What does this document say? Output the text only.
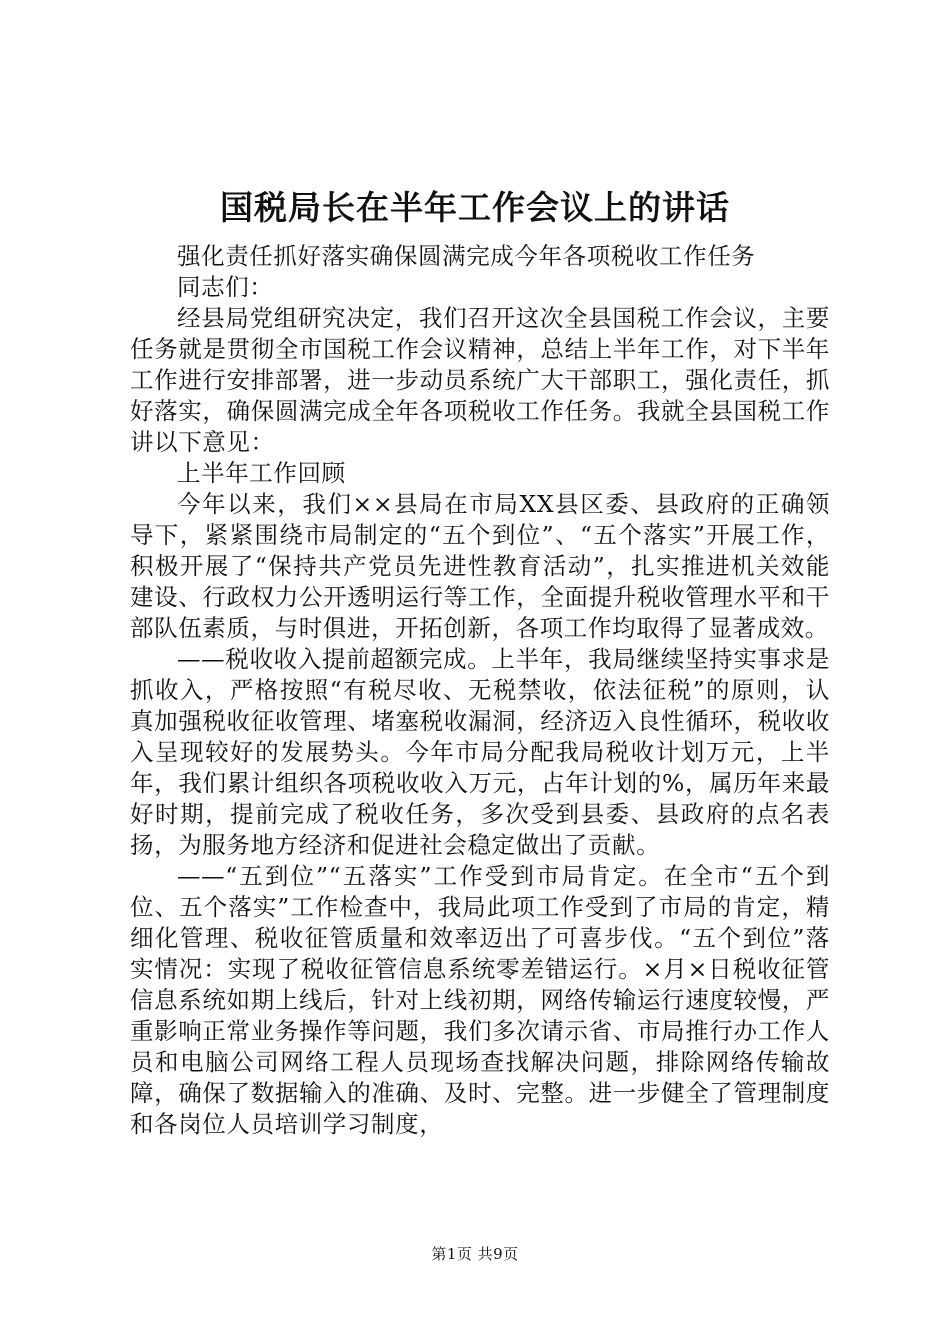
国税局长在半年工作会议上的讲话

强化责任抓好落实确保圆满完成今年各项税收工作任务

同志们：

经县局党组研究决定，我们召开这次全县国税工作会议，主要任务就是贯彻全市国税工作会议精神，总结上半年工作，对下半年工作进行安排部署，进一步动员系统广大干部职工，强化责任，抓好落实，确保圆满完成全年各项税收工作任务。我就全县国税工作讲以下意见：

上半年工作回顾

今年以来，我们××县局在市局XX县区委、县政府的正确领导下，紧紧围绕市局制定的“五个到位”、“五个落实”开展工作，积极开展了“保持共产党员先进性教育活动”，扎实推进机关效能建设、行政权力公开透明运行等工作，全面提升税收管理水平和干部队伍素质，与时俱进，开拓创新，各项工作均取得了显著成效。

——税收收入提前超额完成。上半年，我局继续坚持实事求是抓收入，严格按照“有税尽收、无税禁收，依法征税”的原则，认真加强税收征收管理、堵塞税收漏洞，经济迈入良性循环，税收收入呈现较好的发展势头。今年市局分配我局税收计划万元，上半年，我们累计组织各项税收收入万元，占年计划的%，属历年来最好时期，提前完成了税收任务，多次受到县委、县政府的点名表扬，为服务地方经济和促进社会稳定做出了贡献。

——“五到位”“五落实”工作受到市局肯定。在全市“五个到位、五个落实”工作检查中，我局此项工作受到了市局的肯定，精细化管理、税收征管质量和效率迈出了可喜步伐。“五个到位”落实情况：实现了税收征管信息系统零差错运行。×月×日税收征管信息系统如期上线后，针对上线初期，网络传输运行速度较慢，严重影响正常业务操作等问题，我们多次请示省、市局推行办工作人员和电脑公司网络工程人员现场查找解决问题，排除网络传输故障，确保了数据输入的准确、及时、完整。进一步健全了管理制度和各岗位人员培训学习制度，

第1页 共9页
